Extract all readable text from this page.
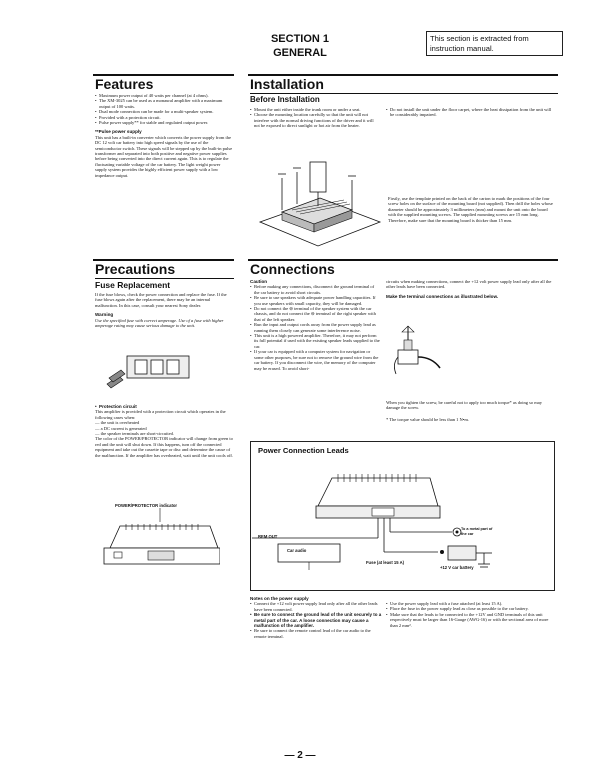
SECTION 1
GENERAL
This section is extracted from
instruction manual.
Features
• Maximum power output of 40 watts per channel (at 4 ohms).
• The XM-3025 can be used as a monaural amplifier with a maximum output of 100 watts.
• Dual mode connection can be made for a multi-speaker system.
• Provided with a protection circuit.
• Pulse power supply** for stable and regulated output power.
**Pulse power supply

This unit has a built-in converter which converts the power supply from the DC 12 volt car battery into high speed signals by the use of the semiconductor switch. These signals will be stepped up by the built-in pulse transformer and separated into both positive and negative power supplies before being converted into the direct current again. This is to regulate the fluctuating variable voltage of the car battery. The light weight power supply system provides the highly efficient power supply with a low impedance output.

Installation
Before Installation
• Mount the unit either inside the trunk room or under a seat.
• Choose the mounting location carefully so that the unit will not interfere with the normal driving functions of the driver and it will not be exposed to direct sunlight or hot air from the heater.
• Do not install the unit under the floor carpet, where the heat dissipation from the unit will be considerably impaired.

Firstly, use the template printed on the back of the carton to mark the positions of the four screw holes on the surface of the mounting board (not supplied). Then drill the holes whose diameter should be approximately 3 millimeters (mm) and mount the unit onto the board with the supplied mounting screws. The supplied mounting screws are 15 mm long. Therefore, make sure that the mounting board is thicker than 15 mm.

Precautions
Fuse Replacement

If the fuse blows, check the power connection and replace the fuse. If the fuse blows again after the replacement, there may be an internal malfunction. In this case, consult your nearest Sony dealer.

Warning

Use the specified fuse with correct amperage. Use of a fuse with higher amperage rating may cause serious damage to the unit.

• Protection circuit

This amplifier is provided with a protection circuit which operates in the following cases when:

— the unit is overheated

— a DC current is generated

— the speaker terminals are short-circuited.

The color of the POWER/PROTECTOR indicator will change from green to red and the unit will shut down. If this happens, turn off the connected equipment and take out the cassette tape or disc and determine the cause of the malfunction. If the amplifier has overheated, wait until the unit cools off.

POWER/PROTECTOR indicator
Connections
Caution
• Before making any connections, disconnect the ground terminal of the car battery to avoid short circuits.
• Be sure to use speakers with adequate power handling capacities. If you use speakers with small capacity, they will be damaged.
• Do not connect the ⊖ terminal of the speaker system with the car chassis, and do not connect the ⊖ terminal of the right speaker with that of the left speaker.
• Run the input and output cords away from the power supply lead as running them closely can generate some interference noise.
• This unit is a high powered amplifier. Therefore, it may not perform its full potential if used with the existing speaker leads supplied to the car.
• If your car is equipped with a computer system for navigation or some other purposes, be sure not to remove the ground wire from the car battery. If you disconnect the wire, the memory of the computer may be erased. To avoid short-

circuits when making connections, connect the +12 volt power supply lead only after all the other leads have been connected.

Make the terminal connections as illustrated below.

When you tighten the screw, be careful not to apply too much torque* as doing so may damage the screw.

* The torque value should be less than 1 N•m.

Power Connection Leads
To a metal part of
the car
REM OUT
Car audio
Fuse (at least 15 A)
+12 V car battery
Notes on the power supply
• Connect the +12 volt power supply lead only after all the other leads have been connected.
• Be sure to connect the ground lead of the unit securely to a metal part of the car. A loose connection may cause a malfunction of the amplifier.
• Be sure to connect the remote control lead of the car audio to the remote terminal.
• Use the power supply lead with a fuse attached (at least 15 A).
• Place the fuse in the power supply lead as close as possible to the car battery.
• Make sure that the leads to be connected to the +12V and GND terminals of this unit respectively must be larger than 16-Gauge (AWG-16) or with the sectional area of more than 2 mm².
— 2 —
